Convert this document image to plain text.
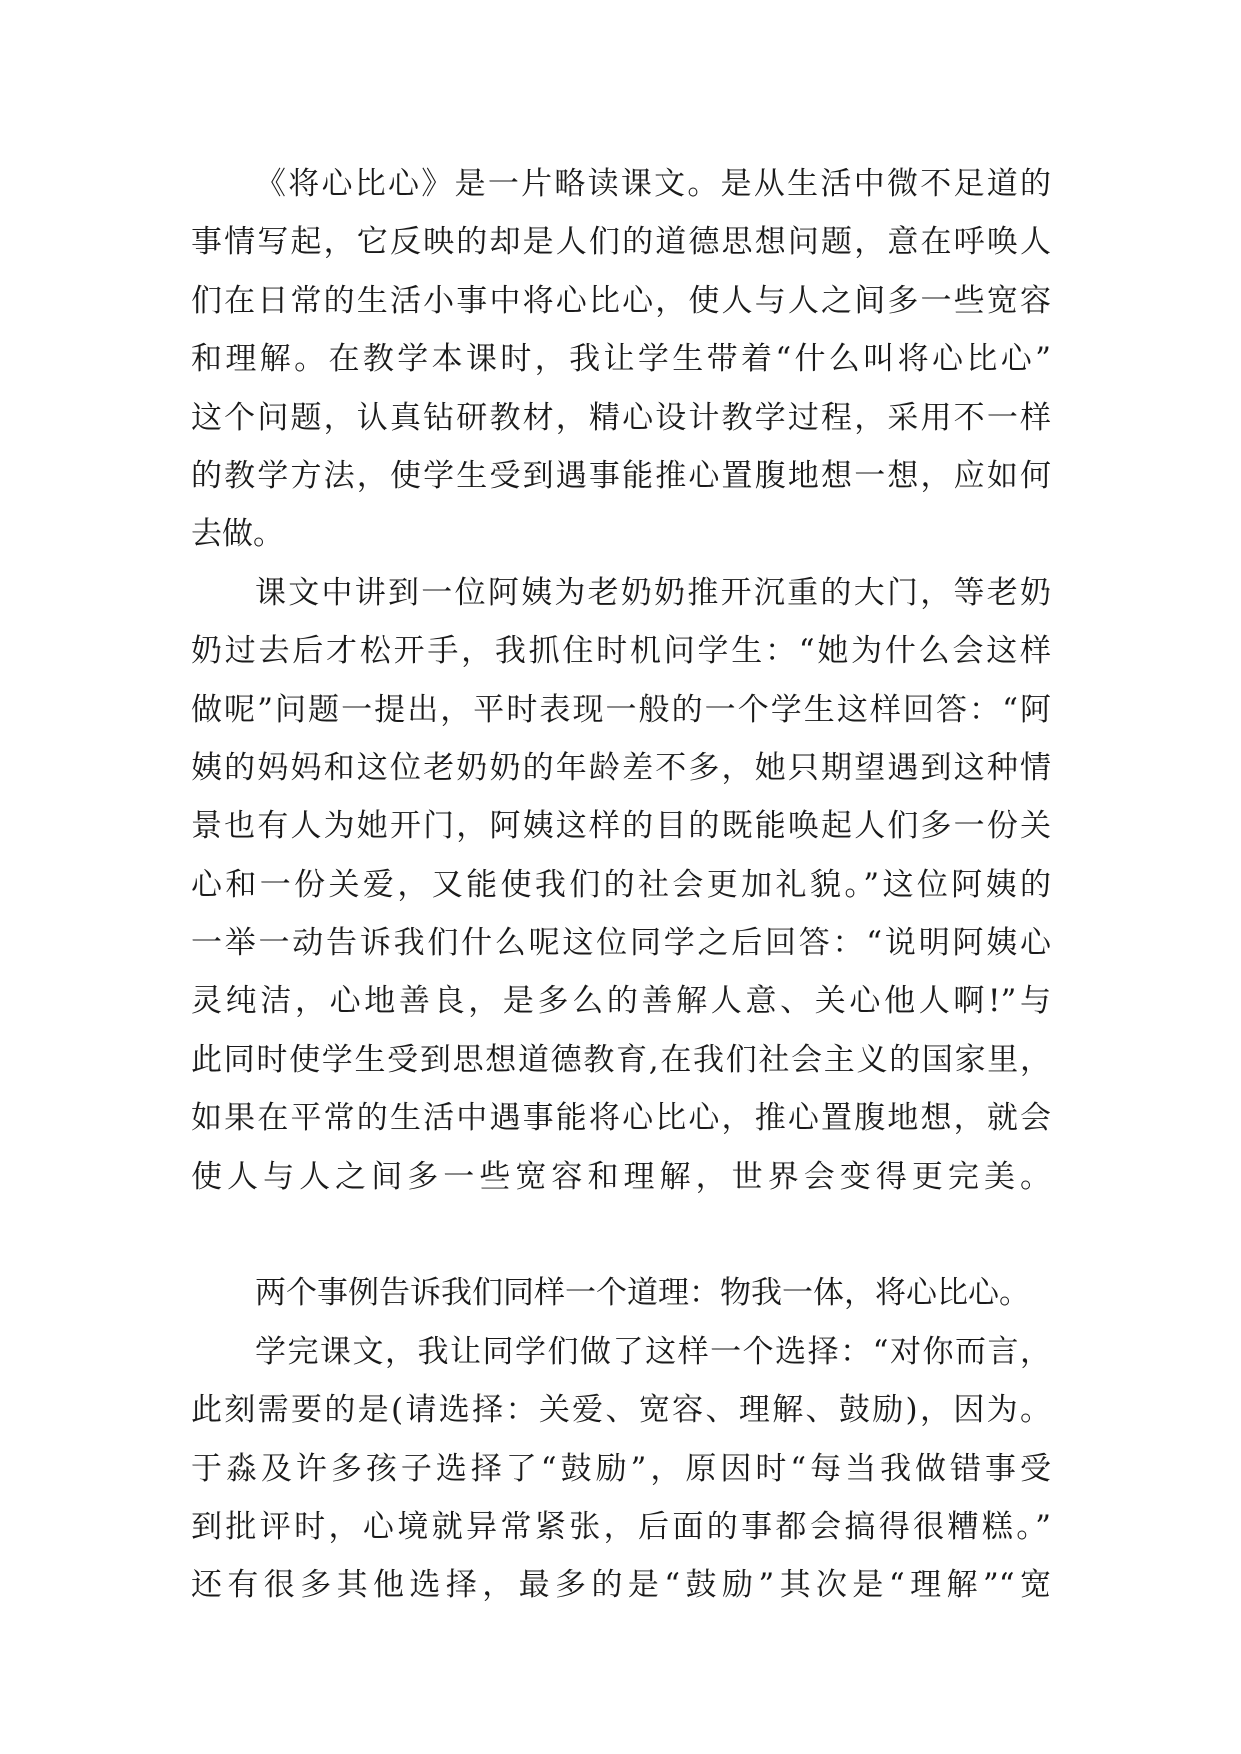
《将心比心》是一片略读课文。是从生活中微不足道的
事情写起，它反映的却是人们的道德思想问题，意在呼唤人
们在日常的生活小事中将心比心，使人与人之间多一些宽容
和理解。在教学本课时，我让学生带着“什么叫将心比心”
这个问题，认真钻研教材，精心设计教学过程，采用不一样
的教学方法，使学生受到遇事能推心置腹地想一想，应如何
去做。
课文中讲到一位阿姨为老奶奶推开沉重的大门，等老奶
奶过去后才松开手，我抓住时机问学生：“她为什么会这样
做呢”问题一提出，平时表现一般的一个学生这样回答：“阿
姨的妈妈和这位老奶奶的年龄差不多，她只期望遇到这种情
景也有人为她开门，阿姨这样的目的既能唤起人们多一份关
心和一份关爱，又能使我们的社会更加礼貌。”这位阿姨的
一举一动告诉我们什么呢这位同学之后回答：“说明阿姨心
灵纯洁，心地善良，是多么的善解人意、关心他人啊!”与
此同时使学生受到思想道德教育,在我们社会主义的国家里，
如果在平常的生活中遇事能将心比心，推心置腹地想，就会
使人与人之间多一些宽容和理解，世界会变得更完美。
两个事例告诉我们同样一个道理：物我一体，将心比心。
学完课文，我让同学们做了这样一个选择：“对你而言，
此刻需要的是(请选择：关爱、宽容、理解、鼓励)，因为。
于淼及许多孩子选择了“鼓励”，原因时“每当我做错事受
到批评时，心境就异常紧张，后面的事都会搞得很糟糕。”
还有很多其他选择，最多的是“鼓励”其次是“理解”“宽
